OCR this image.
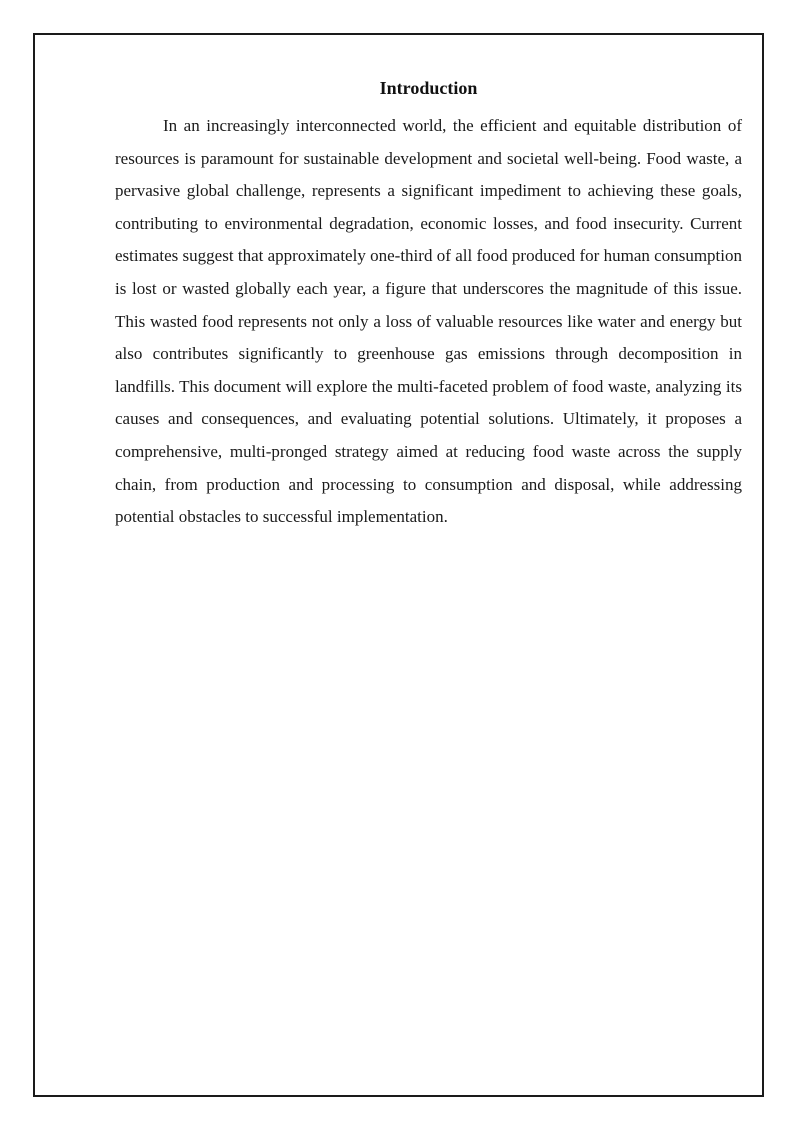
Introduction

In an increasingly interconnected world, the efficient and equitable distribution of resources is paramount for sustainable development and societal well-being. Food waste, a pervasive global challenge, represents a significant impediment to achieving these goals, contributing to environmental degradation, economic losses, and food insecurity. Current estimates suggest that approximately one-third of all food produced for human consumption is lost or wasted globally each year, a figure that underscores the magnitude of this issue. This wasted food represents not only a loss of valuable resources like water and energy but also contributes significantly to greenhouse gas emissions through decomposition in landfills. This document will explore the multi-faceted problem of food waste, analyzing its causes and consequences, and evaluating potential solutions. Ultimately, it proposes a comprehensive, multi-pronged strategy aimed at reducing food waste across the supply chain, from production and processing to consumption and disposal, while addressing potential obstacles to successful implementation.
